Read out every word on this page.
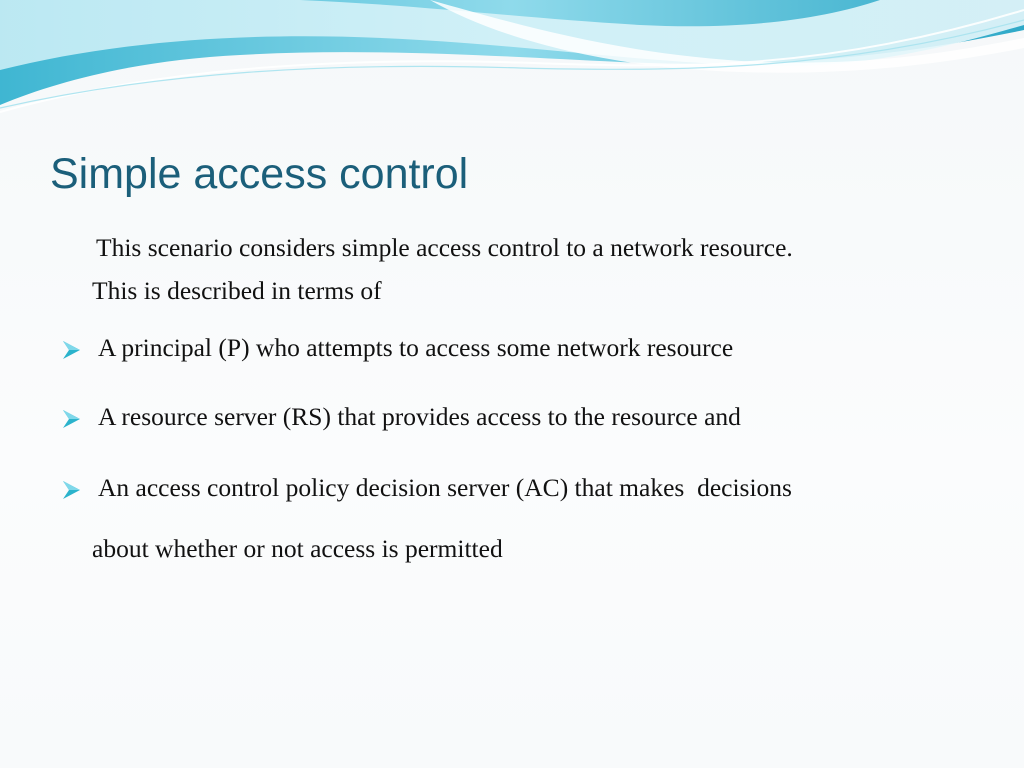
Simple access control
This scenario considers simple access control to a network resource.
This is described in terms of
A principal (P) who attempts to access some network resource
A resource server (RS) that provides access to the resource and
An access control policy decision server (AC) that makes  decisions
about whether or not access is permitted
